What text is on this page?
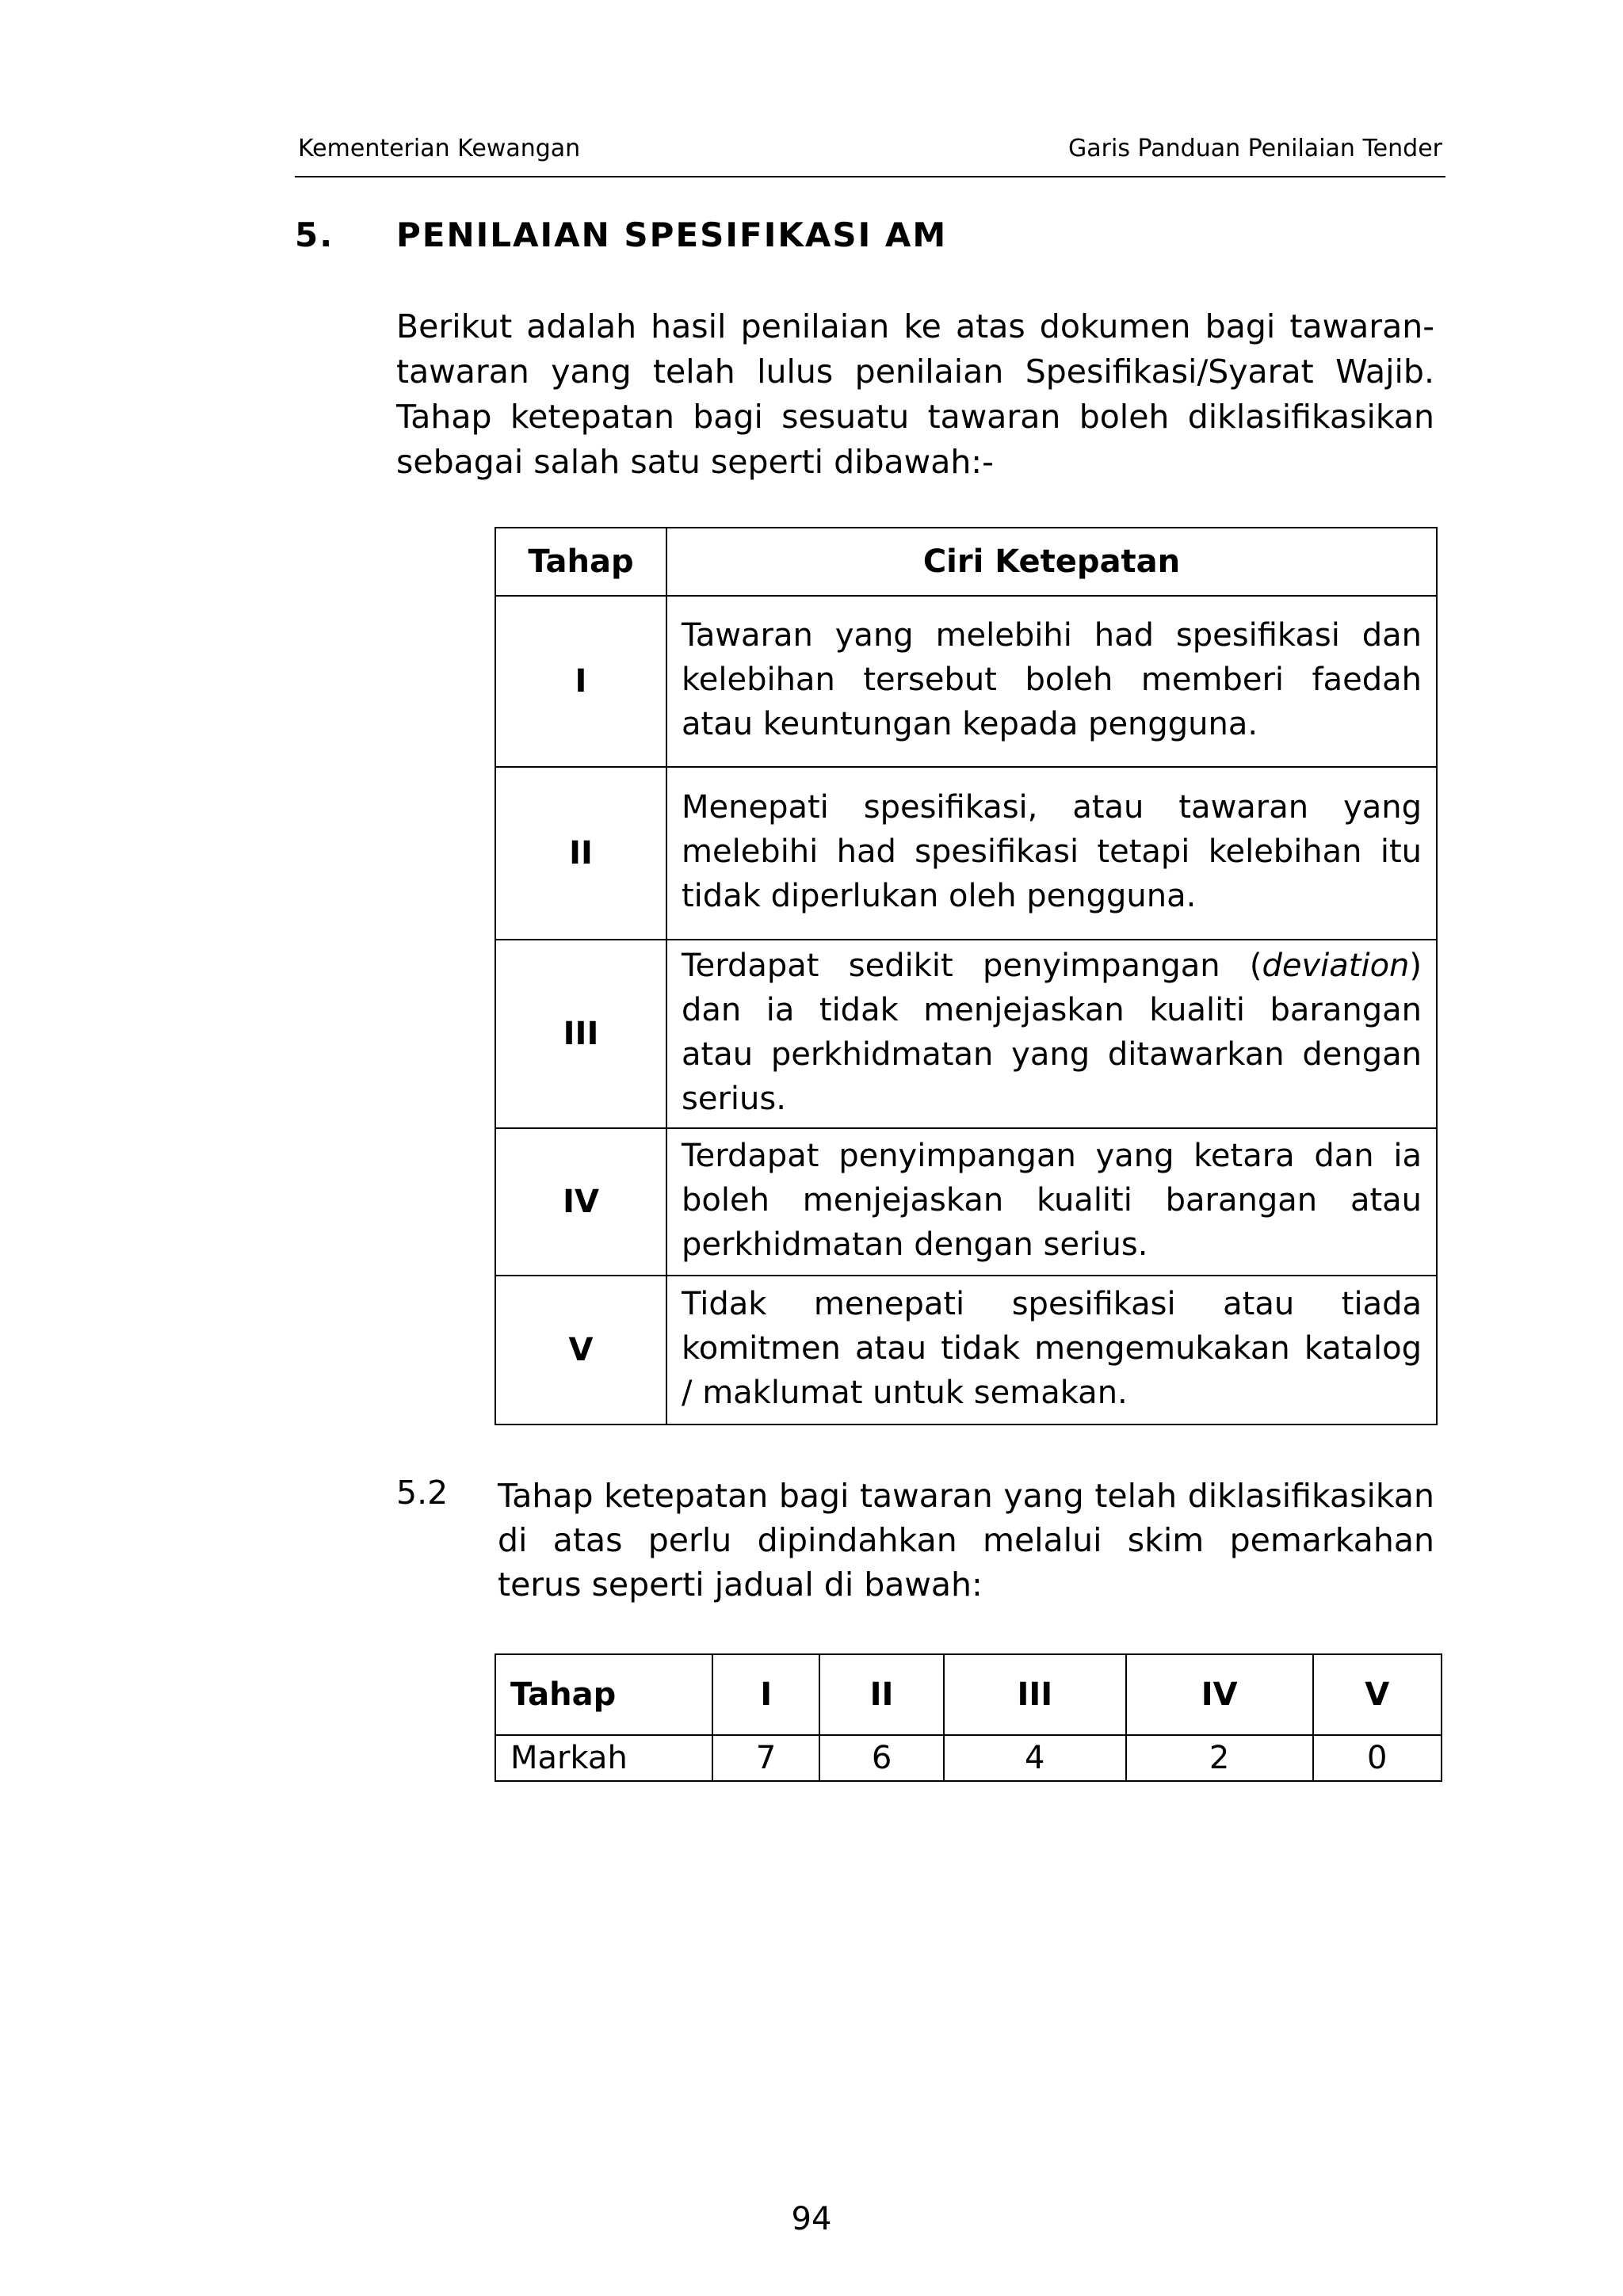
Kementerian Kewangan	Garis Panduan Penilaian Tender
5. PENILAIAN SPESIFIKASI AM
Berikut adalah hasil penilaian ke atas dokumen bagi tawaran-tawaran yang telah lulus penilaian Spesifikasi/Syarat Wajib. Tahap ketepatan bagi sesuatu tawaran boleh diklasifikasikan sebagai salah satu seperti dibawah:-
Tahap	Ciri Ketepatan
I	Tawaran yang melebihi had spesifikasi dan kelebihan tersebut boleh memberi faedah atau keuntungan kepada pengguna.
II	Menepati spesifikasi, atau tawaran yang melebihi had spesifikasi tetapi kelebihan itu tidak diperlukan oleh pengguna.
III	Terdapat sedikit penyimpangan (deviation) dan ia tidak menjejaskan kualiti barangan atau perkhidmatan yang ditawarkan dengan serius.
IV	Terdapat penyimpangan yang ketara dan ia boleh menjejaskan kualiti barangan atau perkhidmatan dengan serius.
V	Tidak menepati spesifikasi atau tiada komitmen atau tidak mengemukakan katalog / maklumat untuk semakan.
5.2 Tahap ketepatan bagi tawaran yang telah diklasifikasikan di atas perlu dipindahkan melalui skim pemarkahan terus seperti jadual di bawah:
Tahap	I	II	III	IV	V
Markah	7	6	4	2	0
94
